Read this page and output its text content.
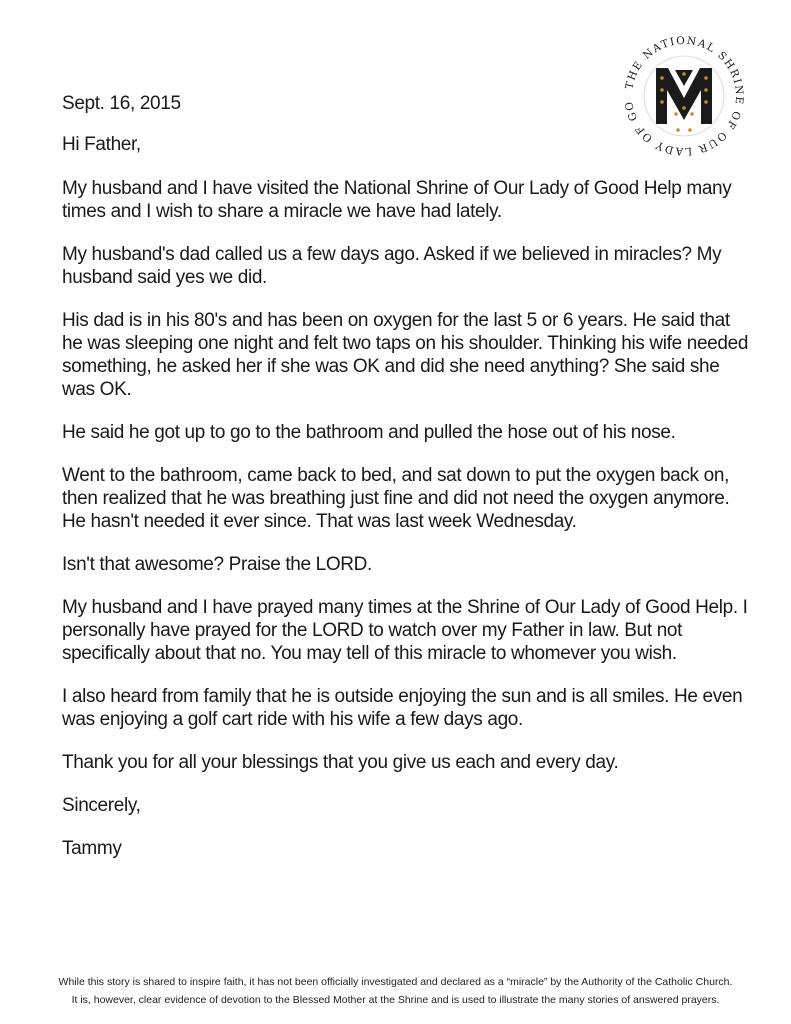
THE NATIONAL SHRINE OF OUR LADY OF GO

Sept. 16, 2015

Hi Father,

My husband and I have visited the National Shrine of Our Lady of Good Help many times and I wish to share a miracle we have had lately.

My husband's dad called us a few days ago. Asked if we believed in miracles? My husband said yes we did.

His dad is in his 80's and has been on oxygen for the last 5 or 6 years. He said that he was sleeping one night and felt two taps on his shoulder. Thinking his wife needed something, he asked her if she was OK and did she need anything? She said she was OK.

He said he got up to go to the bathroom and pulled the hose out of his nose.

Went to the bathroom, came back to bed, and sat down to put the oxygen back on, then realized that he was breathing just fine and did not need the oxygen anymore. He hasn't needed it ever since. That was last week Wednesday.

Isn't that awesome? Praise the LORD.

My husband and I have prayed many times at the Shrine of Our Lady of Good Help. I personally have prayed for the LORD to watch over my Father in law. But not specifically about that no. You may tell of this miracle to whomever you wish.

I also heard from family that he is outside enjoying the sun and is all smiles. He even was enjoying a golf cart ride with his wife a few days ago.

Thank you for all your blessings that you give us each and every day.

Sincerely,

Tammy

While this story is shared to inspire faith, it has not been officially investigated and declared as a “miracle” by the Authority of the Catholic Church.
It is, however, clear evidence of devotion to the Blessed Mother at the Shrine and is used to illustrate the many stories of answered prayers.
